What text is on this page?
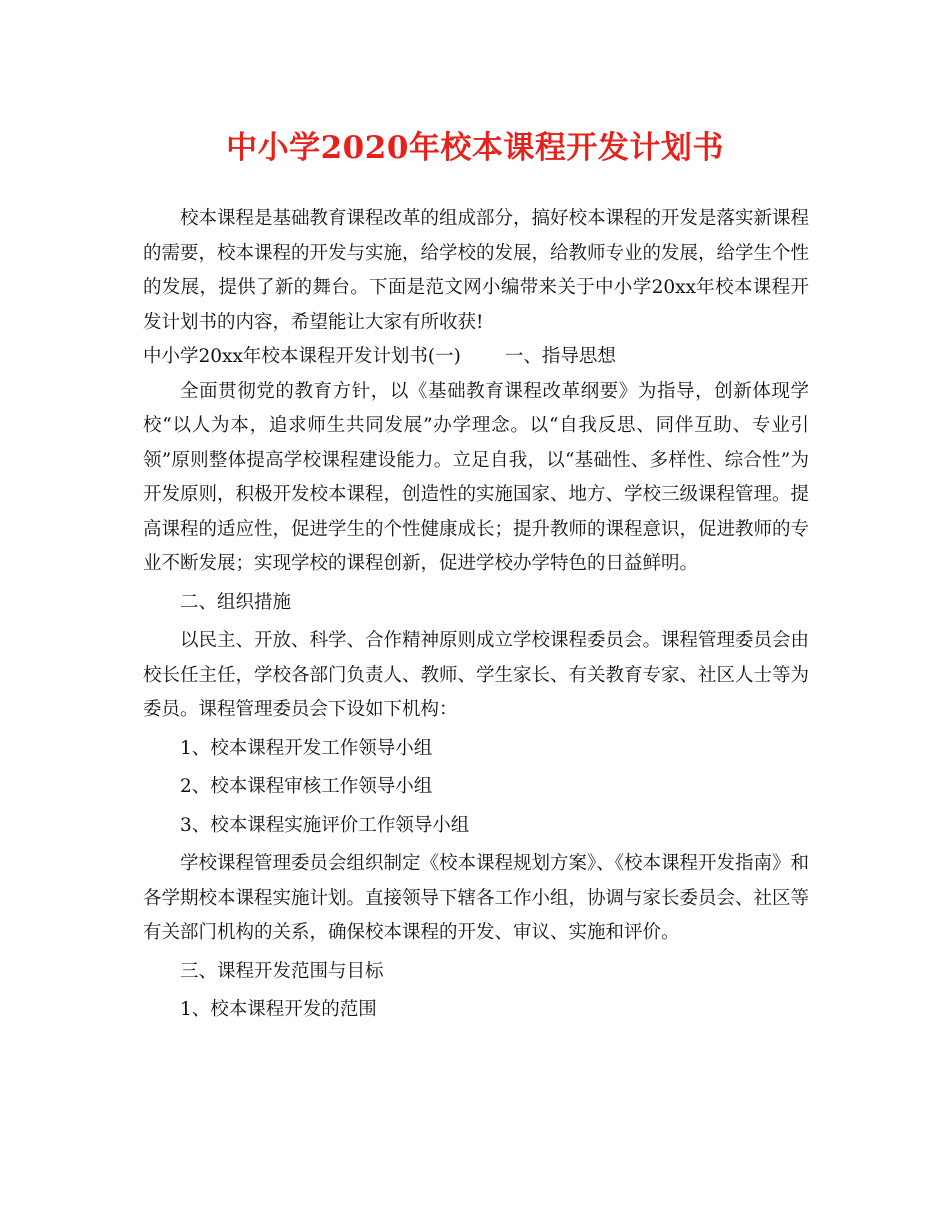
中小学2020年校本课程开发计划书

校本课程是基础教育课程改革的组成部分，搞好校本课程的开发是落实新课程的需要，校本课程的开发与实施，给学校的发展，给教师专业的发展，给学生个性的发展，提供了新的舞台。下面是范文网小编带来关于中小学20xx年校本课程开发计划书的内容，希望能让大家有所收获!

中小学20xx年校本课程开发计划书(一) 一、指导思想

全面贯彻党的教育方针，以《基础教育课程改革纲要》为指导，创新体现学校“以人为本，追求师生共同发展”办学理念。以“自我反思、同伴互助、专业引领”原则整体提高学校课程建设能力。立足自我，以“基础性、多样性、综合性”为开发原则，积极开发校本课程，创造性的实施国家、地方、学校三级课程管理。提高课程的适应性，促进学生的个性健康成长；提升教师的课程意识，促进教师的专业不断发展；实现学校的课程创新，促进学校办学特色的日益鲜明。

二、组织措施

以民主、开放、科学、合作精神原则成立学校课程委员会。课程管理委员会由校长任主任，学校各部门负责人、教师、学生家长、有关教育专家、社区人士等为委员。课程管理委员会下设如下机构：

1、校本课程开发工作领导小组

2、校本课程审核工作领导小组

3、校本课程实施评价工作领导小组

学校课程管理委员会组织制定《校本课程规划方案》、《校本课程开发指南》和各学期校本课程实施计划。直接领导下辖各工作小组，协调与家长委员会、社区等有关部门机构的关系，确保校本课程的开发、审议、实施和评价。

三、课程开发范围与目标

1、校本课程开发的范围
